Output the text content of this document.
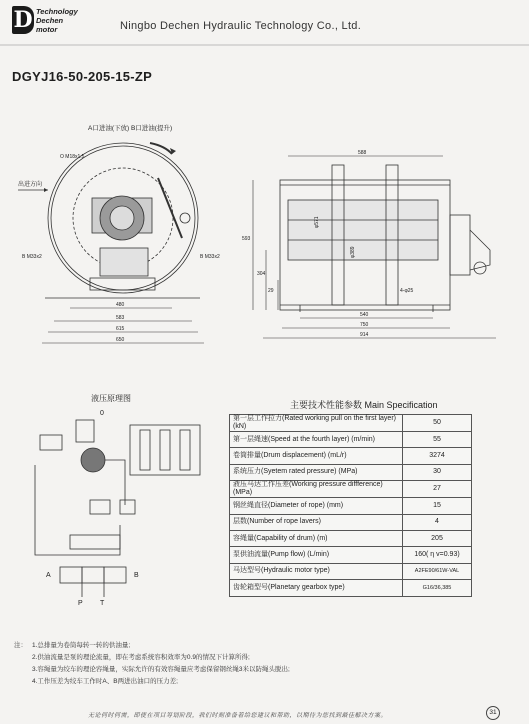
D Technology
Dechen
motor	Ningbo Dechen Hydraulic Technology Co., Ltd.
DGYJ16-50-205-15-ZP
A口进油(下放) B口进油(提升)
O M18x1.5
出进方向
B M33x2	B M33x2
480
583
615
650
588
593
304
29	4-φ25
540
750
914
φ571
φ389
液压原理图
0
A	B
P T
主要技术性能参数 Main Specification
第一层工作拉力(Rated working pull on the first layer) (kN)	50
第一层绳速(Speed at the fourth layer) (m/min)	55
卷筒排量(Drum displacement) (mL/r)	3274
系统压力(Syetem rated pressure) (MPa)	30
液压马达工作压差(Working pressure diffference) (MPa)	27
钢丝绳直径(Diameter of rope) (mm)	15
层数(Number of rope lavers)	4
容绳量(Capability of drum) (m)	205
泵供油流量(Pump flow) (L/min)	160( η v=0.93)
马达型号(Hydraulic motor type)	A2FE90/61W-VAL
齿轮箱型号(Planetary gearbox type)	G16/36,385
注： 1.总排量为卷筒每转一转的供油量;
2.供油流量是泵的理论流量，即在考虑系统容积效率为0.9的情况下计算所得;
3.容绳量为绞车的理论容绳量，实际允许的有效容绳量应考虑保留钢丝绳3米以防绳头脱出;
4.工作压差为绞车工作时A、B两进出油口的压力差;
无论何时何需，即使在项目筹划阶段，我们时刻准备着给您建议和帮助，以期待为您找到最佳解决方案。	31
